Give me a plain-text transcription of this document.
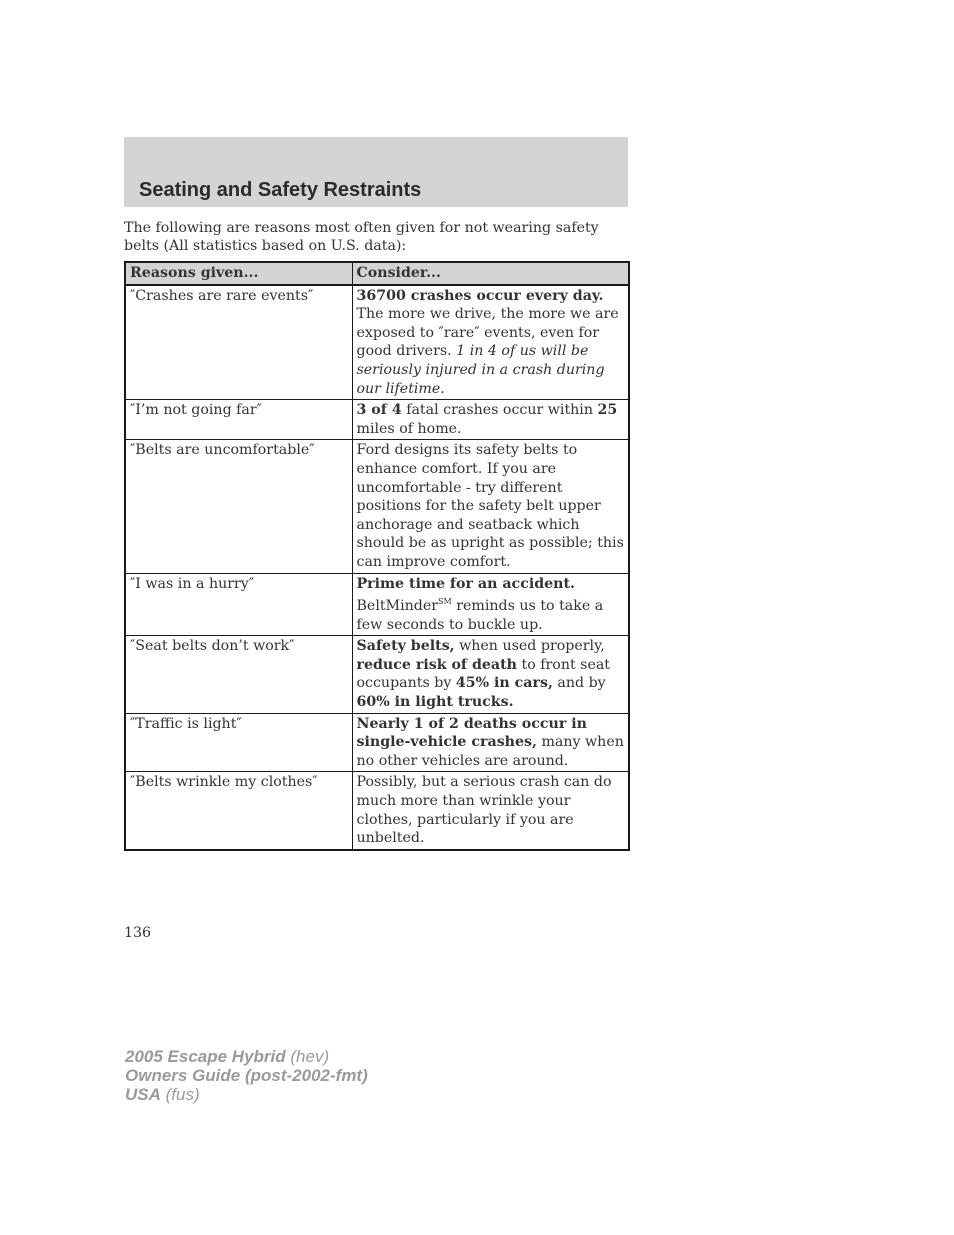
Seating and Safety Restraints

The following are reasons most often given for not wearing safety belts (All statistics based on U.S. data):

Reasons given...	Consider...
″Crashes are rare events″	36700 crashes occur every day. The more we drive, the more we are exposed to ″rare″ events, even for good drivers. 1 in 4 of us will be seriously injured in a crash during our lifetime.
″I’m not going far″	3 of 4 fatal crashes occur within 25 miles of home.
″Belts are uncomfortable″	Ford designs its safety belts to enhance comfort. If you are uncomfortable - try different positions for the safety belt upper anchorage and seatback which should be as upright as possible; this can improve comfort.
″I was in a hurry″	Prime time for an accident. BeltMinder℠ reminds us to take a few seconds to buckle up.
″Seat belts don’t work″	Safety belts, when used properly, reduce risk of death to front seat occupants by 45% in cars, and by 60% in light trucks.
″Traffic is light″	Nearly 1 of 2 deaths occur in single-vehicle crashes, many when no other vehicles are around.
″Belts wrinkle my clothes″	Possibly, but a serious crash can do much more than wrinkle your clothes, particularly if you are unbelted.

136

2005 Escape Hybrid (hev)
Owners Guide (post-2002-fmt)
USA (fus)
